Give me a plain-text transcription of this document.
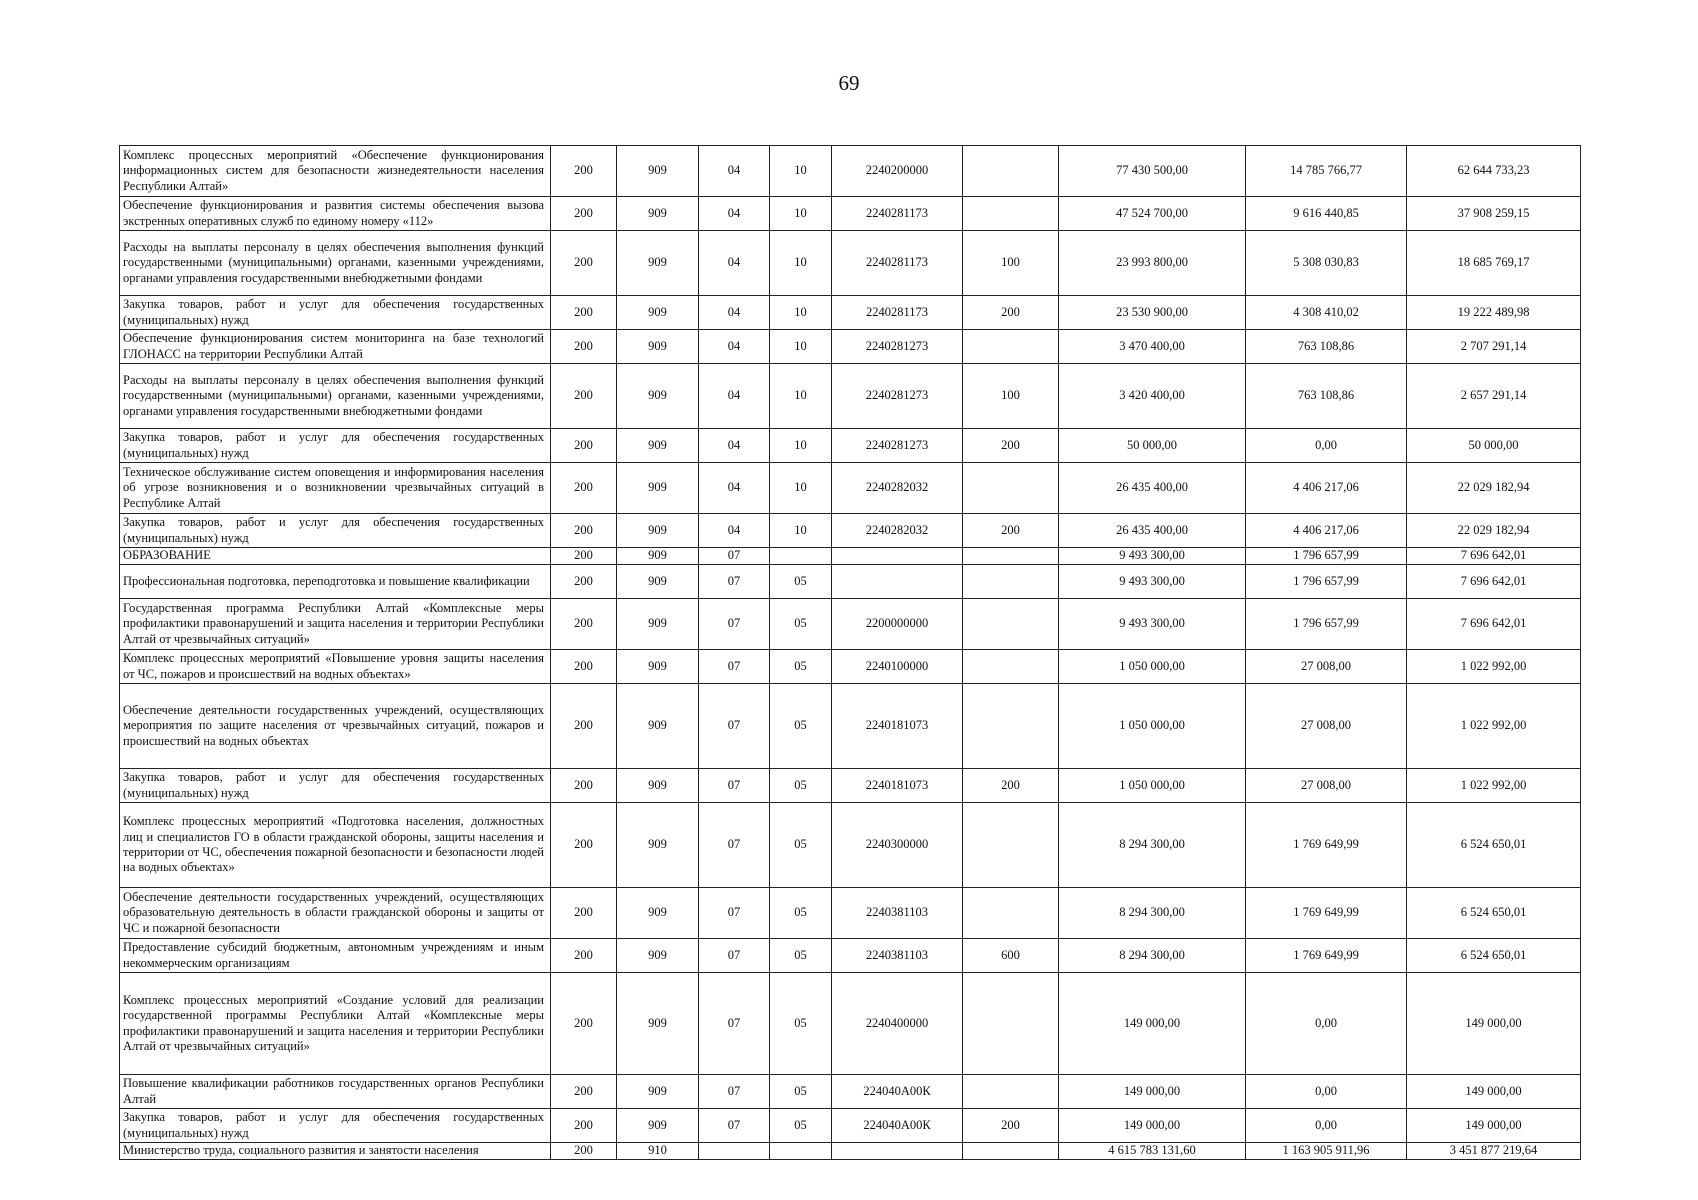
69
Комплекс процессных мероприятий «Обеспечение функционирования информационных систем для безопасности жизнедеятельности населения Республики Алтай»	200	909	04	10	2240200000		77 430 500,00	14 785 766,77	62 644 733,23
Обеспечение функционирования и развития системы обеспечения вызова экстренных оперативных служб по единому номеру «112»	200	909	04	10	2240281173		47 524 700,00	9 616 440,85	37 908 259,15
Расходы на выплаты персоналу в целях обеспечения выполнения функций государственными (муниципальными) органами, казенными учреждениями, органами управления государственными внебюджетными фондами	200	909	04	10	2240281173	100	23 993 800,00	5 308 030,83	18 685 769,17
Закупка товаров, работ и услуг для обеспечения государственных (муниципальных) нужд	200	909	04	10	2240281173	200	23 530 900,00	4 308 410,02	19 222 489,98
Обеспечение функционирования систем мониторинга на базе технологий ГЛОНАСС на территории Республики Алтай	200	909	04	10	2240281273		3 470 400,00	763 108,86	2 707 291,14
Расходы на выплаты персоналу в целях обеспечения выполнения функций государственными (муниципальными) органами, казенными учреждениями, органами управления государственными внебюджетными фондами	200	909	04	10	2240281273	100	3 420 400,00	763 108,86	2 657 291,14
Закупка товаров, работ и услуг для обеспечения государственных (муниципальных) нужд	200	909	04	10	2240281273	200	50 000,00	0,00	50 000,00
Техническое обслуживание систем оповещения и информирования населения об угрозе возникновения и о возникновении чрезвычайных ситуаций в Республике Алтай	200	909	04	10	2240282032		26 435 400,00	4 406 217,06	22 029 182,94
Закупка товаров, работ и услуг для обеспечения государственных (муниципальных) нужд	200	909	04	10	2240282032	200	26 435 400,00	4 406 217,06	22 029 182,94
ОБРАЗОВАНИЕ	200	909	07				9 493 300,00	1 796 657,99	7 696 642,01
Профессиональная подготовка, переподготовка и повышение квалификации	200	909	07	05			9 493 300,00	1 796 657,99	7 696 642,01
Государственная программа Республики Алтай «Комплексные меры профилактики правонарушений и защита населения и территории Республики Алтай от чрезвычайных ситуаций»	200	909	07	05	2200000000		9 493 300,00	1 796 657,99	7 696 642,01
Комплекс процессных мероприятий «Повышение уровня защиты населения от ЧС, пожаров и происшествий на водных объектах»	200	909	07	05	2240100000		1 050 000,00	27 008,00	1 022 992,00
Обеспечение деятельности государственных учреждений, осуществляющих мероприятия по защите населения от чрезвычайных ситуаций, пожаров и происшествий на водных объектах	200	909	07	05	2240181073		1 050 000,00	27 008,00	1 022 992,00
Закупка товаров, работ и услуг для обеспечения государственных (муниципальных) нужд	200	909	07	05	2240181073	200	1 050 000,00	27 008,00	1 022 992,00
Комплекс процессных мероприятий «Подготовка населения, должностных лиц и специалистов ГО в области гражданской обороны, защиты населения и территории от ЧС, обеспечения пожарной безопасности и безопасности людей на водных объектах»	200	909	07	05	2240300000		8 294 300,00	1 769 649,99	6 524 650,01
Обеспечение деятельности государственных учреждений, осуществляющих образовательную деятельность в области гражданской обороны и защиты от ЧС и пожарной безопасности	200	909	07	05	2240381103		8 294 300,00	1 769 649,99	6 524 650,01
Предоставление субсидий бюджетным, автономным учреждениям и иным некоммерческим организациям	200	909	07	05	2240381103	600	8 294 300,00	1 769 649,99	6 524 650,01
Комплекс процессных мероприятий «Создание условий для реализации государственной программы Республики Алтай «Комплексные меры профилактики правонарушений и защита населения и территории Республики Алтай от чрезвычайных ситуаций»	200	909	07	05	2240400000		149 000,00	0,00	149 000,00
Повышение квалификации работников государственных органов Республики Алтай	200	909	07	05	224040А00К		149 000,00	0,00	149 000,00
Закупка товаров, работ и услуг для обеспечения государственных (муниципальных) нужд	200	909	07	05	224040А00К	200	149 000,00	0,00	149 000,00
Министерство труда, социального развития и занятости населения	200	910					4 615 783 131,60	1 163 905 911,96	3 451 877 219,64
